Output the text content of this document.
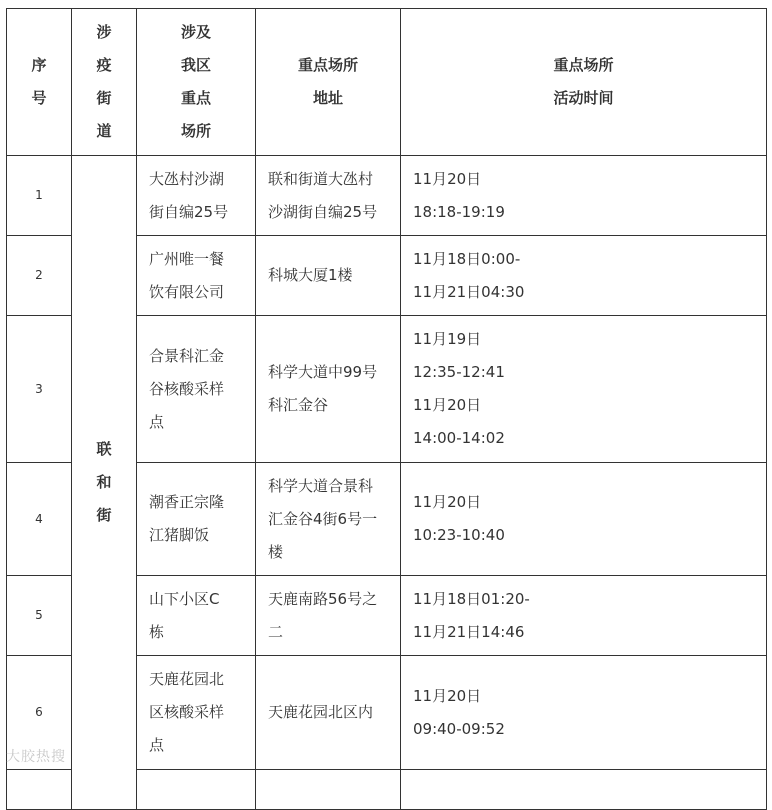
序
号	涉
疫
街
道	涉及
我区
重点
场所	重点场所
地址	重点场所
活动时间

1	联
和
街	大氹村沙湖
街自编25号	联和街道大氹村
沙湖街自编25号	11月20日
18:18-19:19

2		广州唯一餐
饮有限公司	科城大厦1楼	11月18日0:00-
11月21日04:30

3		合景科汇金
谷核酸采样
点	科学大道中99号
科汇金谷	11月19日
12:35-12:41
11月20日
14:00-14:02

4		潮香正宗隆
江猪脚饭	科学大道合景科
汇金谷4街6号一
楼	11月20日
10:23-10:40

5		山下小区C
栋	天鹿南路56号之
二	11月18日01:20-
11月21日14:46

6		天鹿花园北
区核酸采样
点	天鹿花园北区内	11月20日
09:40-09:52

大胶热搜
